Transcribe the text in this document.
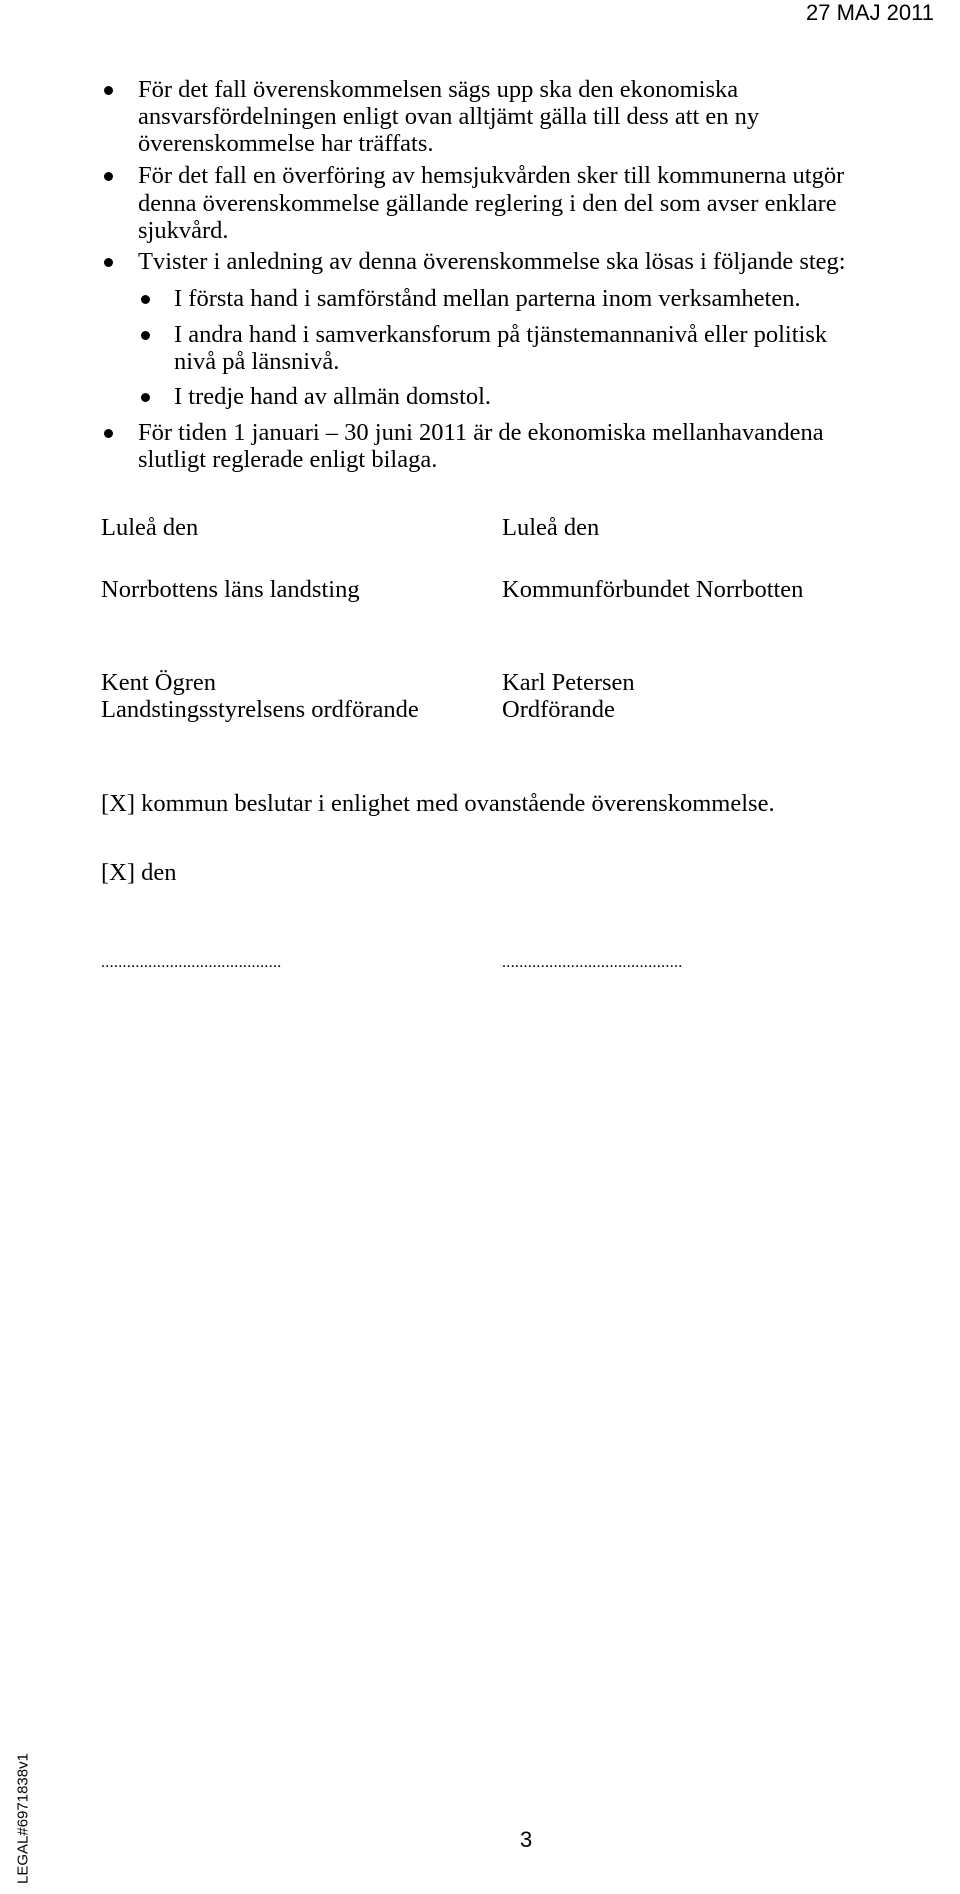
27 MAJ 2011
För det fall överenskommelsen sägs upp ska den ekonomiska
ansvarsfördelningen enligt ovan alltjämt gälla till dess att en ny
överenskommelse har träffats.
För det fall en överföring av hemsjukvården sker till kommunerna utgör
denna överenskommelse gällande reglering i den del som avser enklare
sjukvård.
Tvister i anledning av denna överenskommelse ska lösas i följande steg:
I första hand i samförstånd mellan parterna inom verksamheten.
I andra hand i samverkansforum på tjänstemannanivå eller politisk
nivå på länsnivå.
I tredje hand av allmän domstol.
För tiden 1 januari – 30 juni 2011 är de ekonomiska mellanhavandena
slutligt reglerade enligt bilaga.
Luleå den	Luleå den
Norrbottens läns landsting	Kommunförbundet Norrbotten
Kent Ögren	Karl Petersen
Landstingsstyrelsens ordförande	Ordförande
[X] kommun beslutar i enlighet med ovanstående överenskommelse.
[X] den
..........................................	..........................................
3
LEGAL#6971838v1
